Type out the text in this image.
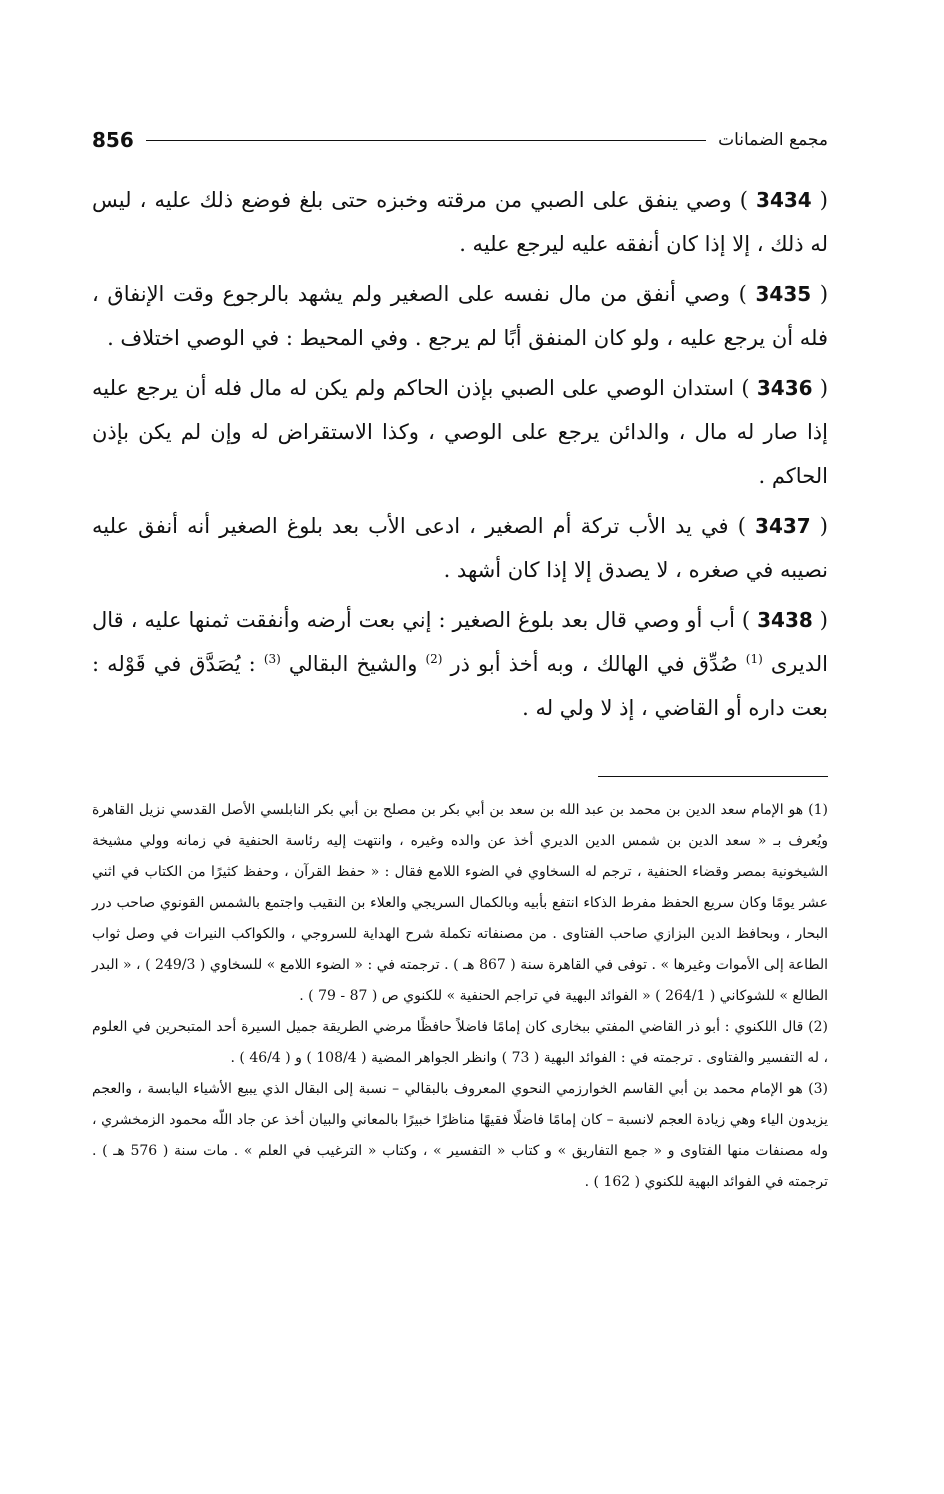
مجمع الضمانات
856

( 3434 ) وصي ينفق على الصبي من مرقته وخبزه حتى بلغ فوضع ذلك عليه ، ليس له ذلك ، إلا إذا كان أنفقه عليه ليرجع عليه .

( 3435 ) وصي أنفق من مال نفسه على الصغير ولم يشهد بالرجوع وقت الإنفاق ، فله أن يرجع عليه ، ولو كان المنفق أبًا لم يرجع . وفي المحيط : في الوصي اختلاف .

( 3436 ) استدان الوصي على الصبي بإذن الحاكم ولم يكن له مال فله أن يرجع عليه إذا صار له مال ، والدائن يرجع على الوصي ، وكذا الاستقراض له وإن لم يكن بإذن الحاكم .

( 3437 ) في يد الأب تركة أم الصغير ، ادعى الأب بعد بلوغ الصغير أنه أنفق عليه نصيبه في صغره ، لا يصدق إلا إذا كان أشهد .

( 3438 ) أب أو وصي قال بعد بلوغ الصغير : إني بعت أرضه وأنفقت ثمنها عليه ، قال الديرى $^{(1)}$ صُدِّق في الهالك ، وبه أخذ أبو ذر $^{(2)}$ والشيخ البقالي $^{(3)}$ : يُصَدَّق في قَوْله : بعت داره أو القاضي ، إذ لا ولي له .

(1) هو الإمام سعد الدين بن محمد بن عبد الله بن سعد بن أبي بكر بن مصلح بن أبي بكر النابلسي الأصل القدسي نزيل القاهرة ويُعرف بـ « سعد الدين بن شمس الدين الديري أخذ عن والده وغيره ، وانتهت إليه رئاسة الحنفية في زمانه وولي مشيخة الشيخونية بمصر وقضاء الحنفية ، ترجم له السخاوي في الضوء اللامع فقال : « حفظ القرآن ، وحفظ كثيرًا من الكتاب في اثني عشر يومًا وكان سريع الحفظ مفرط الذكاء انتفع بأبيه وبالكمال السريجي والعلاء بن النقيب واجتمع بالشمس القونوي صاحب درر البحار ، وبحافظ الدين البزازي صاحب الفتاوى . من مصنفاته تكملة شرح الهداية للسروجي ، والكواكب النيرات في وصل ثواب الطاعة إلى الأموات وغيرها » . توفى في القاهرة سنة ( 867 هـ ) . ترجمته في : « الضوء اللامع » للسخاوي ( 249/3 ) ، « البدر الطالع » للشوكاني ( 264/1 ) « الفوائد البهية في تراجم الحنفية » للكنوي ص ( 87 - 79 ) .

(2) قال اللكنوي : أبو ذر القاضي المفتي ببخارى كان إمامًا فاضلاً حافظًا مرضي الطريقة جميل السيرة أحد المتبحرين في العلوم ، له التفسير والفتاوى . ترجمته في : الفوائد البهية ( 73 ) وانظر الجواهر المضية ( 108/4 ) و ( 46/4 ) .

(3) هو الإمام محمد بن أبي القاسم الخوارزمي النحوي المعروف بالبقالي – نسبة إلى البقال الذي يبيع الأشياء اليابسة ، والعجم يزيدون الياء وهي زيادة العجم لانسبة – كان إمامًا فاضلًا فقيهًا مناظرًا خبيرًا بالمعاني والبيان أخذ عن جاد اللّه محمود الزمخشري ، وله مصنفات منها الفتاوى و « جمع التفاريق » و كتاب « التفسير » ، وكتاب « الترغيب في العلم » . مات سنة ( 576 هـ ) . ترجمته في الفوائد البهية للكنوي ( 162 ) .
